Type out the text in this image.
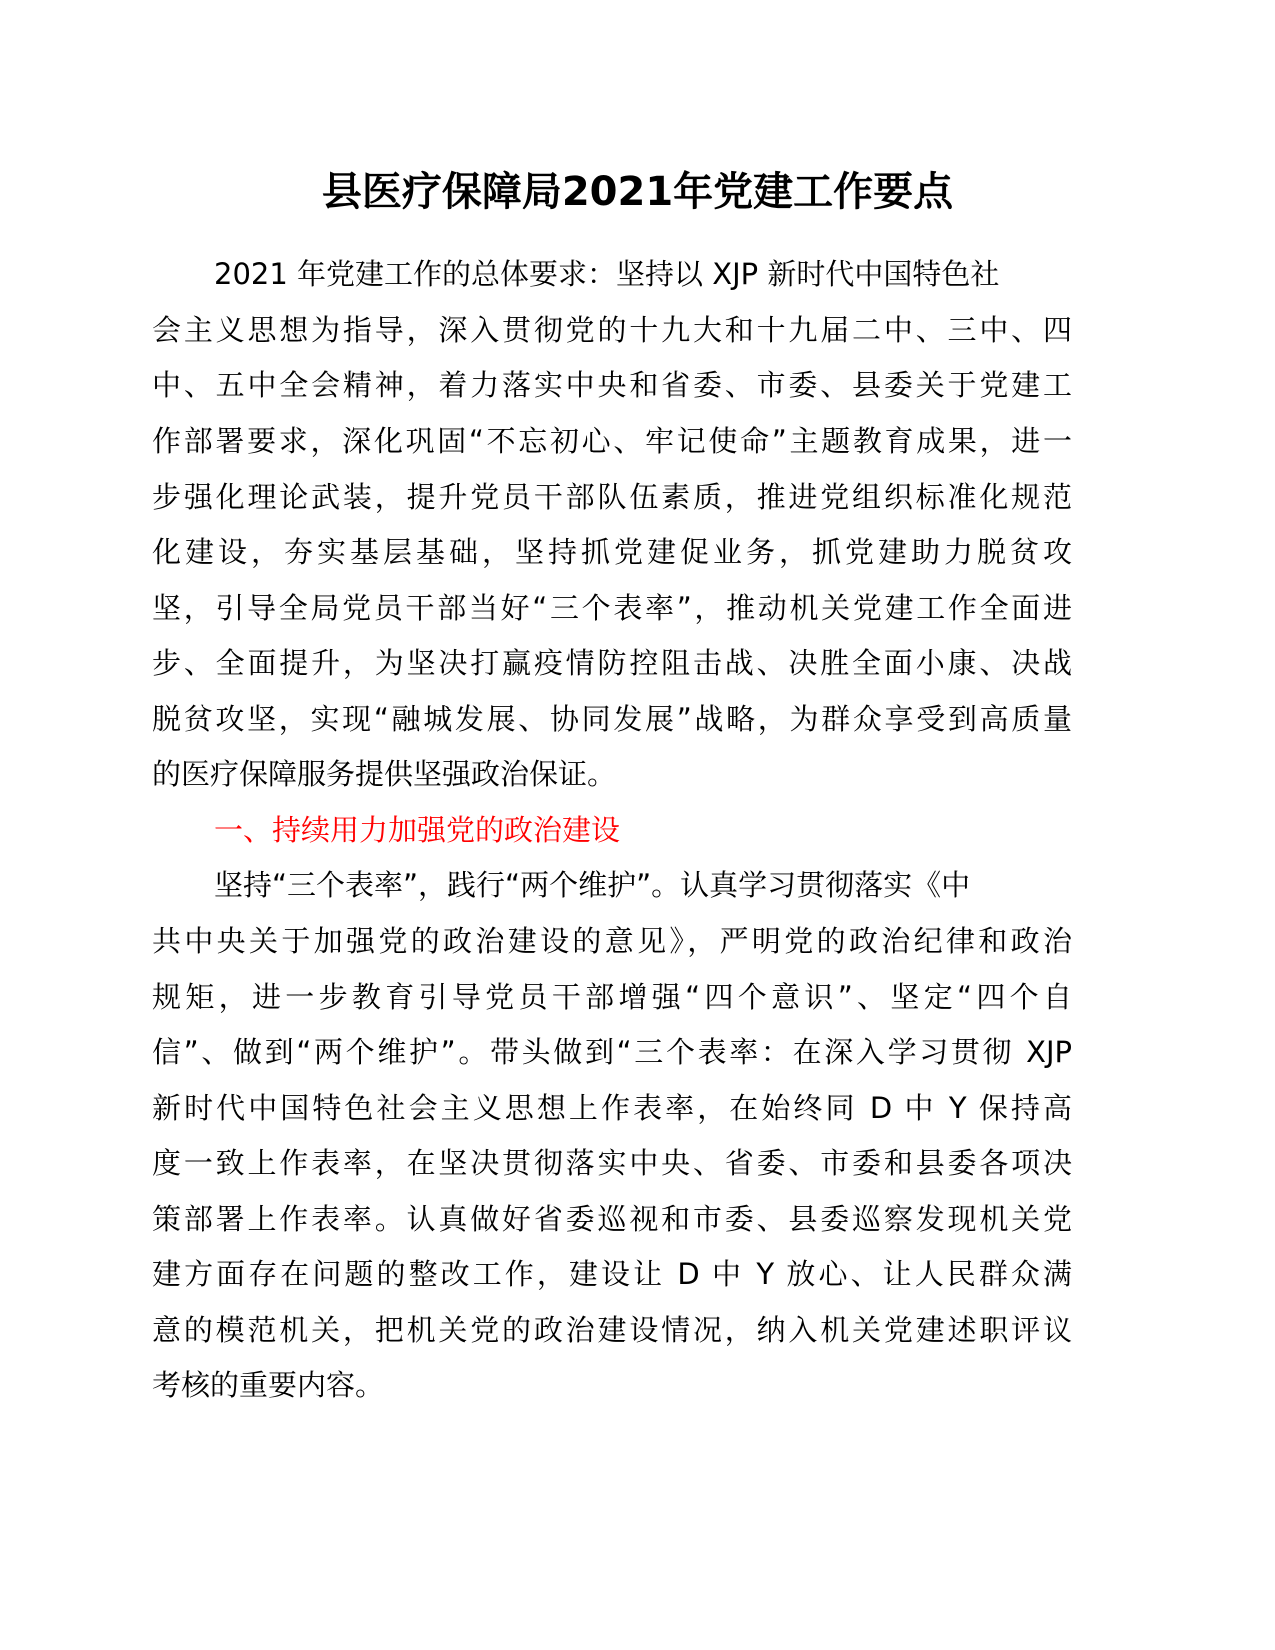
县医疗保障局2021年党建工作要点

2021 年党建工作的总体要求：坚持以 XJP 新时代中国特色社

会主义思想为指导，深入贯彻党的十九大和十九届二中、三中、四

中、五中全会精神，着力落实中央和省委、市委、县委关于党建工

作部署要求，深化巩固“不忘初心、牢记使命”主题教育成果，进一

步强化理论武装，提升党员干部队伍素质，推进党组织标准化规范

化建设，夯实基层基础，坚持抓党建促业务，抓党建助力脱贫攻

坚，引导全局党员干部当好“三个表率”，推动机关党建工作全面进

步、全面提升，为坚决打赢疫情防控阻击战、决胜全面小康、决战

脱贫攻坚，实现“融城发展、协同发展”战略，为群众享受到高质量

的医疗保障服务提供坚强政治保证。

一、持续用力加强党的政治建设

坚持“三个表率”，践行“两个维护”。认真学习贯彻落实《中

共中央关于加强党的政治建设的意见》，严明党的政治纪律和政治

规矩，进一步教育引导党员干部增强“四个意识”、坚定“四个自

信”、做到“两个维护”。带头做到“三个表率：在深入学习贯彻 XJP

新时代中国特色社会主义思想上作表率，在始终同 D 中 Y 保持高

度一致上作表率，在坚决贯彻落实中央、省委、市委和县委各项决

策部署上作表率。认真做好省委巡视和市委、县委巡察发现机关党

建方面存在问题的整改工作，建设让 D 中 Y 放心、让人民群众满

意的模范机关，把机关党的政治建设情况，纳入机关党建述职评议

考核的重要内容。
